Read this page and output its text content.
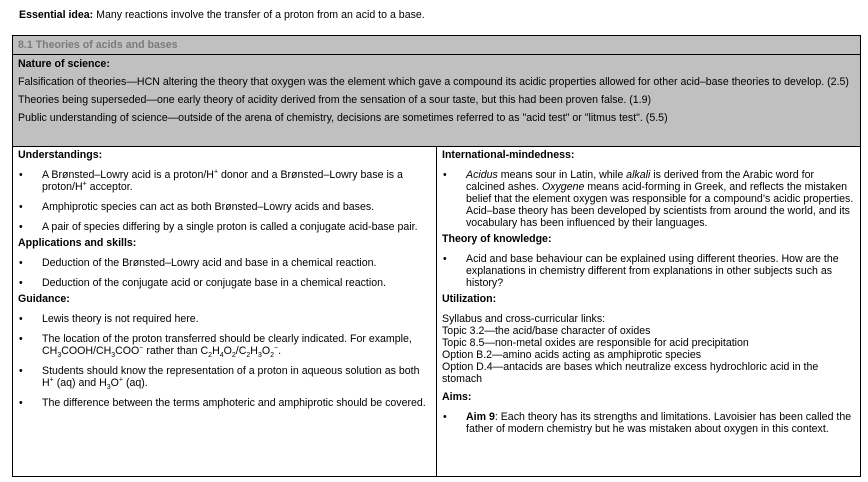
Essential idea: Many reactions involve the transfer of a proton from an acid to a base.
8.1 Theories of acids and bases
Nature of science:

Falsification of theories—HCN altering the theory that oxygen was the element which gave a compound its acidic properties allowed for other acid–base theories to develop. (2.5)

Theories being superseded—one early theory of acidity derived from the sensation of a sour taste, but this had been proven false. (1.9)

Public understanding of science—outside of the arena of chemistry, decisions are sometimes referred to as "acid test" or "litmus test". (5.5)

Understandings:
• A Brønsted–Lowry acid is a proton/H+ donor and a Brønsted–Lowry base is a proton/H+ acceptor.
• Amphiprotic species can act as both Brønsted–Lowry acids and bases.
• A pair of species differing by a single proton is called a conjugate acid-base pair.
Applications and skills:
• Deduction of the Brønsted–Lowry acid and base in a chemical reaction.
• Deduction of the conjugate acid or conjugate base in a chemical reaction.
Guidance:
• Lewis theory is not required here.
• The location of the proton transferred should be clearly indicated. For example, $CH_3COOH/CH_3COO^-$ rather than $C_2H_4O_2/C_2H_3O_2^-$.
• Students should know the representation of a proton in aqueous solution as both H+ (aq) and $H_3O^+$ (aq).
• The difference between the terms amphoteric and amphiprotic should be covered.
International-mindedness:
• Acidus means sour in Latin, while alkali is derived from the Arabic word for calcined ashes. Oxygene means acid-forming in Greek, and reflects the mistaken belief that the element oxygen was responsible for a compound’s acidic properties. Acid–base theory has been developed by scientists from around the world, and its vocabulary has been influenced by their languages.
Theory of knowledge:
• Acid and base behaviour can be explained using different theories. How are the explanations in chemistry different from explanations in other subjects such as history?
Utilization:
Syllabus and cross-curricular links:
Topic 3.2—the acid/base character of oxides
Topic 8.5—non-metal oxides are responsible for acid precipitation
Option B.2—amino acids acting as amphiprotic species
Option D.4—antacids are bases which neutralize excess hydrochloric acid in the stomach
Aims:
• Aim 9: Each theory has its strengths and limitations. Lavoisier has been called the father of modern chemistry but he was mistaken about oxygen in this context.
